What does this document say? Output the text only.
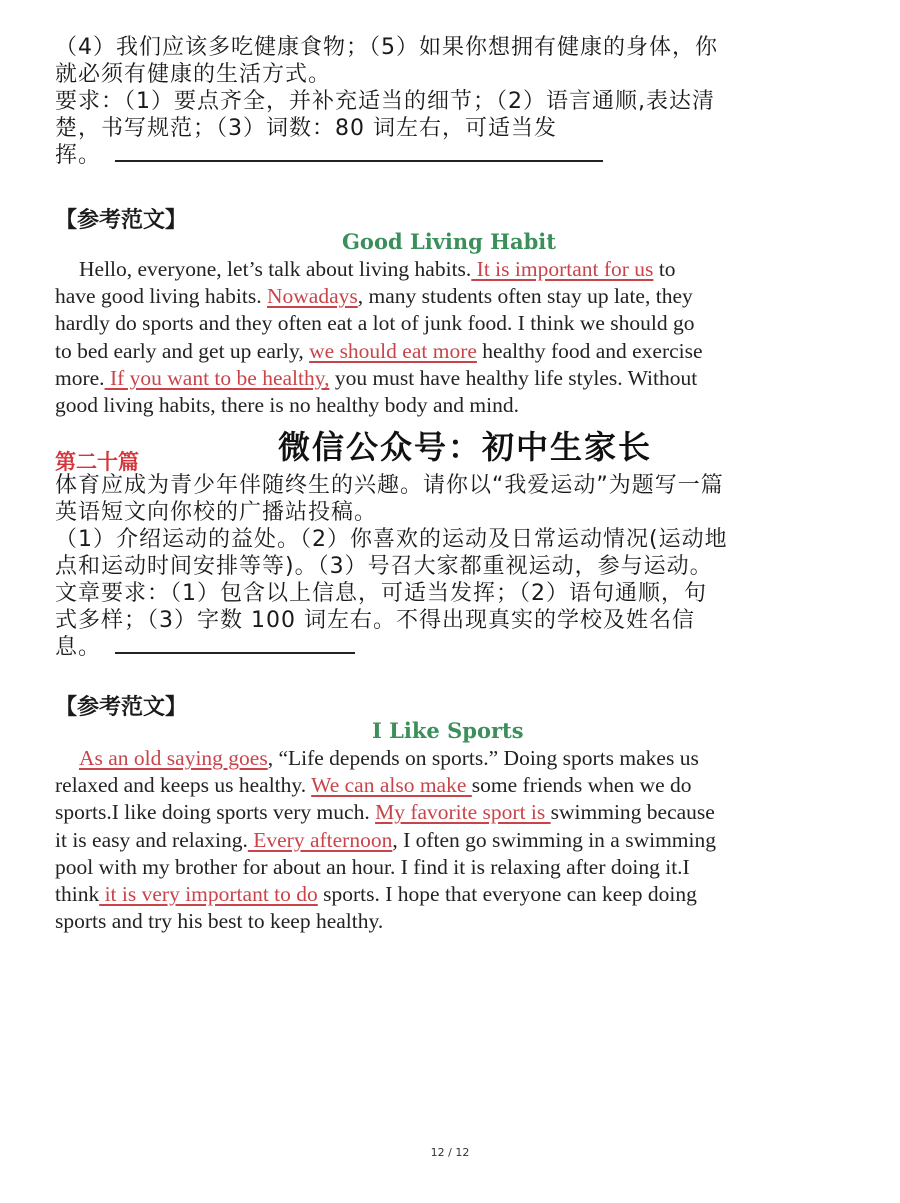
（4）我们应该多吃健康食物；（5）如果你想拥有健康的身体，你
就必须有健康的生活方式。
要求：（1）要点齐全，并补充适当的细节；（2）语言通顺,表达清
楚，书写规范；（3）词数：80 词左右，可适当发
挥。
【参考范文】
Good Living Habit
Hello, everyone, let’s talk about living habits. It is important for us to
have good living habits. Nowadays, many students often stay up late, they
hardly do sports and they often eat a lot of junk food. I think we should go
to bed early and get up early, we should eat more healthy food and exercise
more. If you want to be healthy, you must have healthy life styles. Without
good living habits, there is no healthy body and mind.
微信公众号：初中生家长
第二十篇
体育应成为青少年伴随终生的兴趣。请你以“我爱运动”为题写一篇
英语短文向你校的广播站投稿。
（1）介绍运动的益处。（2）你喜欢的运动及日常运动情况(运动地
点和运动时间安排等等)。（3）号召大家都重视运动，参与运动。
文章要求：（1）包含以上信息，可适当发挥；（2）语句通顺，句
式多样；（3）字数 100 词左右。不得出现真实的学校及姓名信
息。
【参考范文】
I Like Sports
As an old saying goes, “Life depends on sports.” Doing sports makes us
relaxed and keeps us healthy. We can also make some friends when we do
sports.I like doing sports very much. My favorite sport is swimming because
it is easy and relaxing. Every afternoon, I often go swimming in a swimming
pool with my brother for about an hour. I find it is relaxing after doing it.I
think it is very important to do sports. I hope that everyone can keep doing
sports and try his best to keep healthy.
12 / 12
